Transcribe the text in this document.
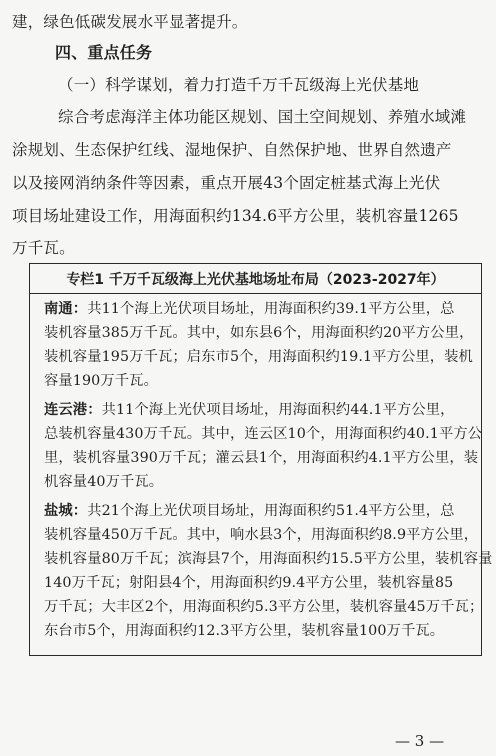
建，绿色低碳发展水平显著提升。
四、重点任务
（一）科学谋划，着力打造千万千瓦级海上光伏基地
综合考虑海洋主体功能区规划、国土空间规划、养殖水域滩
涂规划、生态保护红线、湿地保护、自然保护地、世界自然遗产
以及接网消纳条件等因素，重点开展43个固定桩基式海上光伏
项目场址建设工作，用海面积约134.6平方公里，装机容量1265
万千瓦。
专栏1 千万千瓦级海上光伏基地场址布局（2023-2027年）
南通：共11个海上光伏项目场址，用海面积约39.1平方公里，总
装机容量385万千瓦。其中，如东县6个，用海面积约20平方公里，
装机容量195万千瓦；启东市5个，用海面积约19.1平方公里，装机
容量190万千瓦。
连云港：共11个海上光伏项目场址，用海面积约44.1平方公里，
总装机容量430万千瓦。其中，连云区10个，用海面积约40.1平方公
里，装机容量390万千瓦；灌云县1个，用海面积约4.1平方公里，装
机容量40万千瓦。
盐城：共21个海上光伏项目场址，用海面积约51.4平方公里，总
装机容量450万千瓦。其中，响水县3个，用海面积约8.9平方公里，
装机容量80万千瓦；滨海县7个，用海面积约15.5平方公里，装机容量
140万千瓦；射阳县4个，用海面积约9.4平方公里，装机容量85
万千瓦；大丰区2个，用海面积约5.3平方公里，装机容量45万千瓦；
东台市5个，用海面积约12.3平方公里，装机容量100万千瓦。
— 3 —
